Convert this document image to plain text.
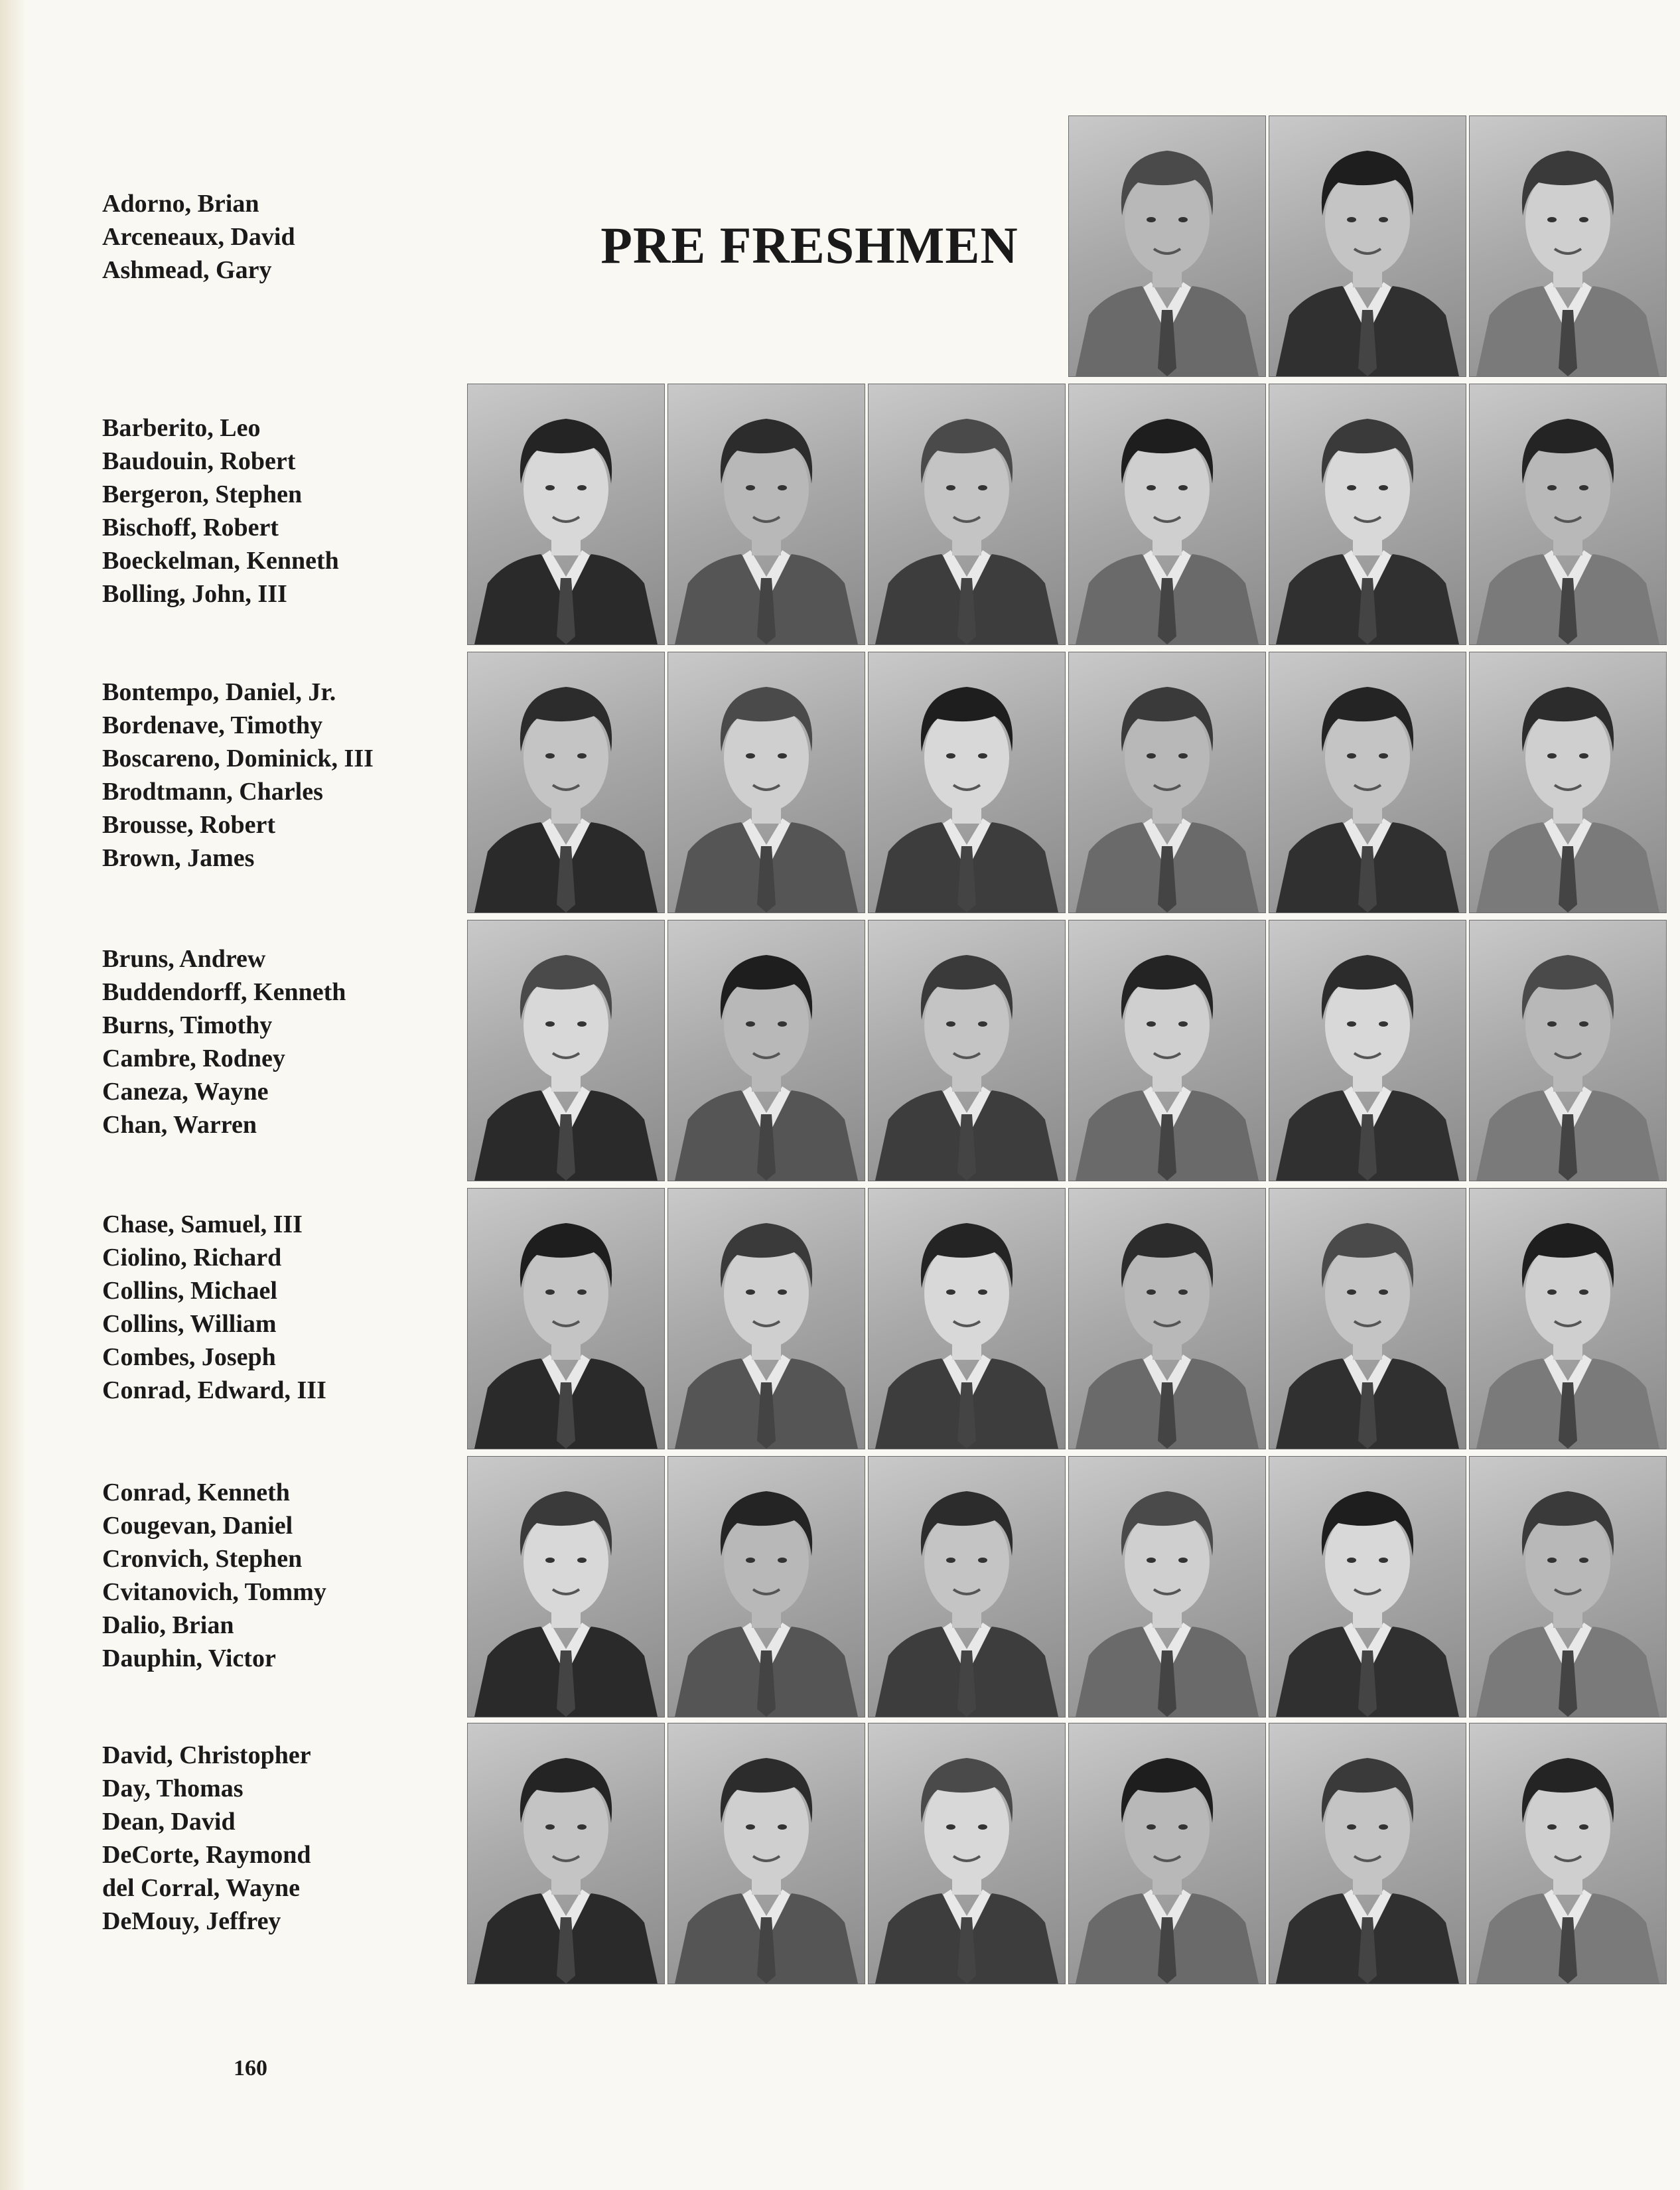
PRE FRESHMEN
Adorno, Brian
Arceneaux, David
Ashmead, Gary
Barberito, Leo
Baudouin, Robert
Bergeron, Stephen
Bischoff, Robert
Boeckelman, Kenneth
Bolling, John, III
Bontempo, Daniel, Jr.
Bordenave, Timothy
Boscareno, Dominick, III
Brodtmann, Charles
Brousse, Robert
Brown, James
Bruns, Andrew
Buddendorff, Kenneth
Burns, Timothy
Cambre, Rodney
Caneza, Wayne
Chan, Warren
Chase, Samuel, III
Ciolino, Richard
Collins, Michael
Collins, William
Combes, Joseph
Conrad, Edward, III
Conrad, Kenneth
Cougevan, Daniel
Cronvich, Stephen
Cvitanovich, Tommy
Dalio, Brian
Dauphin, Victor
David, Christopher
Day, Thomas
Dean, David
DeCorte, Raymond
del Corral, Wayne
DeMouy, Jeffrey
160
